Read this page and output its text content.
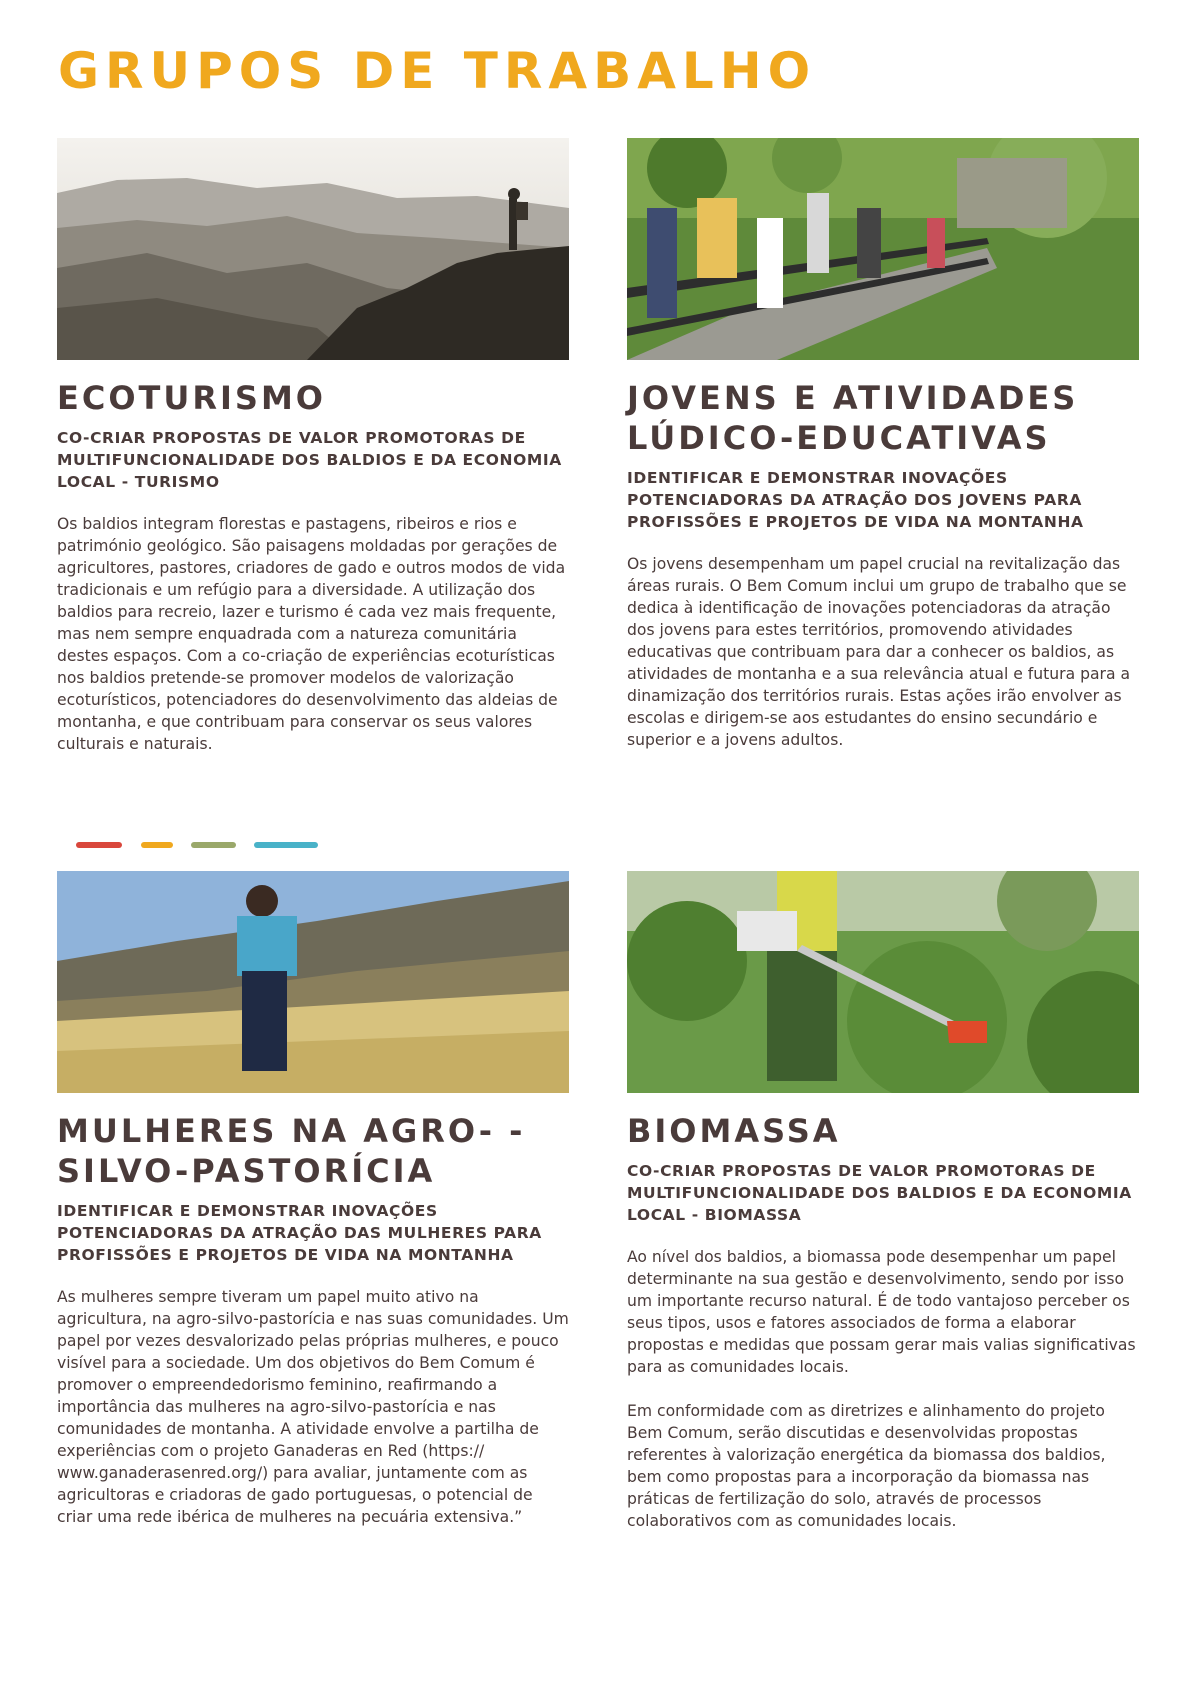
GRUPOS DE TRABALHO
ECOTURISMO
CO-CRIAR PROPOSTAS DE VALOR PROMOTORAS DE MULTIFUNCIONALIDADE DOS BALDIOS E DA ECONOMIA LOCAL - TURISMO

Os baldios integram florestas e pastagens, ribeiros e rios e património geológico. São paisagens moldadas por gerações de agricultores, pastores, criadores de gado e outros modos de vida tradicionais e um refúgio para a diversidade. A utilização dos baldios para recreio, lazer e turismo é cada vez mais frequente, mas nem sempre enquadrada com a natureza comunitária destes espaços. Com a co-criação de experiências ecoturísticas nos baldios pretende-se promover modelos de valorização ecoturísticos, potenciadores do desenvolvimento das aldeias de montanha, e que contribuam para conservar os seus valores culturais e naturais.

JOVENS E ATIVIDADES LÚDICO-EDUCATIVAS
IDENTIFICAR E DEMONSTRAR INOVAÇÕES POTENCIADORAS DA ATRAÇÃO DOS JOVENS PARA PROFISSÕES E PROJETOS DE VIDA NA MONTANHA

Os jovens desempenham um papel crucial na revitalização das áreas rurais. O Bem Comum inclui um grupo de trabalho que se dedica à identificação de inovações potenciadoras da atração dos jovens para estes territórios, promovendo atividades educativas que contribuam para dar a conhecer os baldios, as atividades de montanha e a sua relevância atual e futura para a dinamização dos territórios rurais. Estas ações irão envolver as escolas e dirigem-se aos estudantes do ensino secundário e superior e a jovens adultos.

MULHERES NA AGRO- -SILVO-PASTORÍCIA
IDENTIFICAR E DEMONSTRAR INOVAÇÕES POTENCIADORAS DA ATRAÇÃO DAS MULHERES PARA PROFISSÕES E PROJETOS DE VIDA NA MONTANHA

As mulheres sempre tiveram um papel muito ativo na agricultura, na agro-silvo-pastorícia e nas suas comunidades. Um papel por vezes desvalorizado pelas próprias mulheres, e pouco visível para a sociedade. Um dos objetivos do Bem Comum é promover o empreendedorismo feminino, reafirmando a importância das mulheres na agro-silvo-pastorícia e nas comunidades de montanha. A atividade envolve a partilha de experiências com o projeto Ganaderas en Red (https:// www.ganaderasenred.org/) para avaliar, juntamente com as agricultoras e criadoras de gado portuguesas, o potencial de criar uma rede ibérica de mulheres na pecuária extensiva.”

BIOMASSA
CO-CRIAR PROPOSTAS DE VALOR PROMOTORAS DE MULTIFUNCIONALIDADE DOS BALDIOS E DA ECONOMIA LOCAL - BIOMASSA

Ao nível dos baldios, a biomassa pode desempenhar um papel determinante na sua gestão e desenvolvimento, sendo por isso um importante recurso natural. É de todo vantajoso perceber os seus tipos, usos e fatores associados de forma a elaborar propostas e medidas que possam gerar mais valias significativas para as comunidades locais.

Em conformidade com as diretrizes e alinhamento do projeto Bem Comum, serão discutidas e desenvolvidas propostas referentes à valorização energética da biomassa dos baldios, bem como propostas para a incorporação da biomassa nas práticas de fertilização do solo, através de processos colaborativos com as comunidades locais.
